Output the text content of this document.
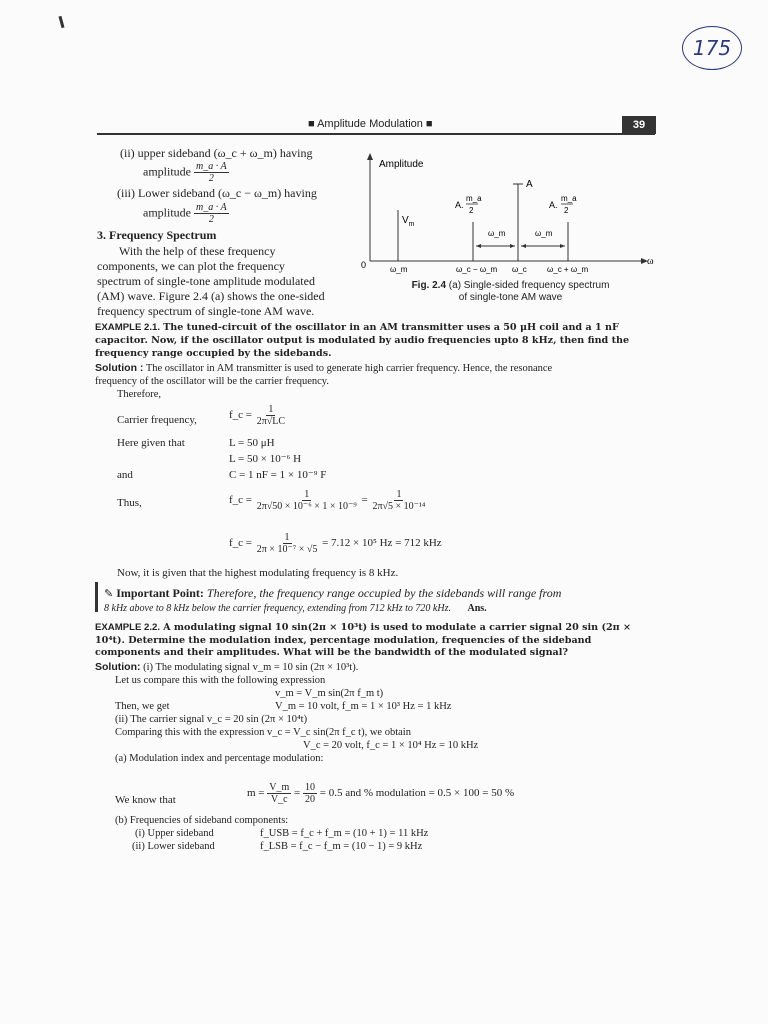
175
■ Amplitude Modulation ■	39
(ii) upper sideband (ω_c + ω_m) having
amplitude $\frac{m\_a \cdot A}{2}$
(iii) Lower sideband (ω_c − ω_m) having
amplitude $\frac{m\_a \cdot A}{2}$
3. Frequency Spectrum
With the help of these frequency
components, we can plot the frequency
spectrum of single-tone amplitude modulated
(AM) wave. Figure 2.4 (a) shows the one-sided
frequency spectrum of single-tone AM wave.
Amplitude
0	ω
A
$V_m$
A.
m_a
2
A.
m_a
2
ω_m	ω_m
ω_m	ω_c − ω_m ω_c	ω_c + ω_m
Fig. 2.4 (a) Single-sided frequency spectrum
of single-tone AM wave
EXAMPLE 2.1. The tuned-circuit of the oscillator in an AM transmitter uses a 50 μH coil and a 1 nF
capacitor. Now, if the oscillator output is modulated by audio frequencies upto 8 kHz, then find the
frequency range occupied by the sidebands.
Solution : The oscillator in AM transmitter is used to generate high carrier frequency. Hence, the resonance
frequency of the oscillator will be the carrier frequency.
Therefore,
Carrier frequency,	f_c = $\frac{1}{2\pi√LC}$
Here given that	L = 50 μH
L = 50 × 10⁻⁶ H
and	C = 1 nF = 1 × 10⁻⁹ F
Thus,	f_c = $\frac{1}{\text{2π√50 × 10⁻⁶ × 1 × 10⁻⁹}} = \frac{1}{\text{2π√5 × 10⁻¹⁴}}$
f_c = $\frac{1}{\text{2π × 10⁻⁷ × √5}} = 7.12 \times 10^5$ Hz = 712 kHz
Now, it is given that the highest modulating frequency is 8 kHz.
✎ Important Point: Therefore, the frequency range occupied by the sidebands will range from
8 kHz above to 8 kHz below the carrier frequency, extending from 712 kHz to 720 kHz. Ans.
EXAMPLE 2.2. A modulating signal 10 sin(2π × 10³t) is used to modulate a carrier signal 20 sin (2π ×
10⁴t). Determine the modulation index, percentage modulation, frequencies of the sideband
components and their amplitudes. What will be the bandwidth of the modulated signal?
Solution: (i) The modulating signal v_m = 10 sin (2π × 10³t).
Let us compare this with the following expression
v_m = V_m sin(2π f_m t)
Then, we get	V_m = 10 volt, f_m = 1 × 10³ Hz = 1 kHz
(ii) The carrier signal v_c = 20 sin (2π × 10⁴t)
Comparing this with the expression v_c = V_c sin(2π f_c t), we obtain
V_c = 20 volt, f_c = 1 × 10⁴ Hz = 10 kHz
(a) Modulation index and percentage modulation:
We know that
$m = \frac{V\_m}{V\_c} = \frac{10}{20} = 0.5$ and % modulation = 0.5 × 100 = 50 %
(b) Frequencies of sideband components:
(i) Upper sideband	f_USB = f_c + f_m = (10 + 1) = 11 kHz
(ii) Lower sideband	f_LSB = f_c − f_m = (10 − 1) = 9 kHz
